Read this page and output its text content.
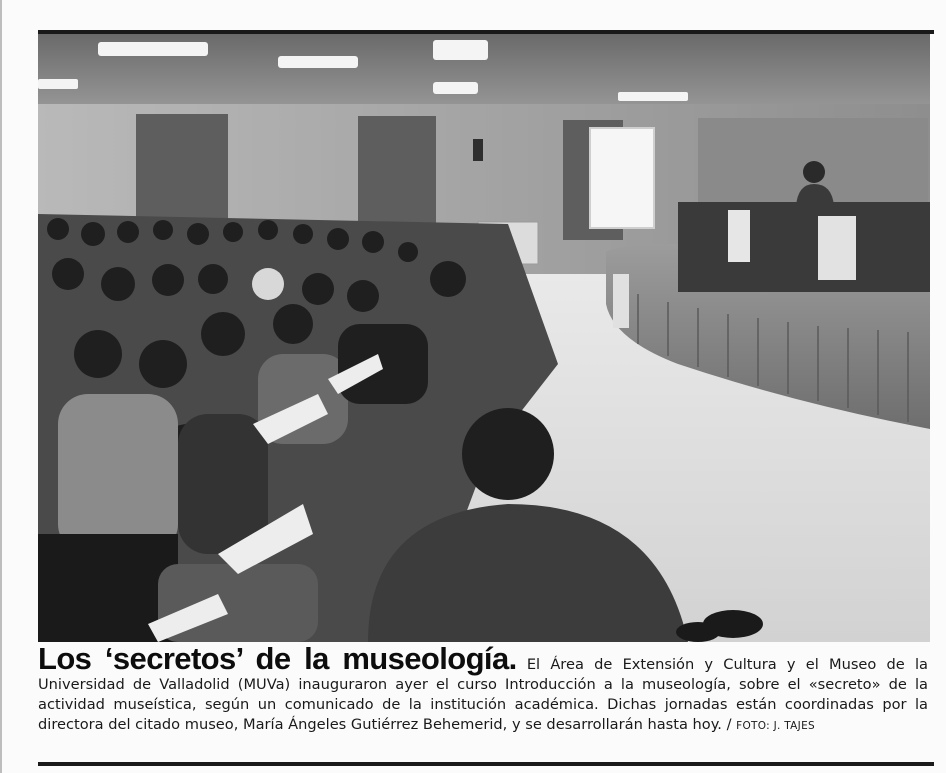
Los ‘secretos’ de la museología. El Área de Extensión y Cultura y el Museo de la Universidad de Valladolid (MUVa) inauguraron ayer el curso Introducción a la museología, sobre el «secreto» de la actividad museística, según un comunicado de la institución académica. Dichas jornadas están coordinadas por la directora del citado museo, María Ángeles Gutiérrez Behemerid, y se desarrollarán hasta hoy. / FOTO: J. TAJES
